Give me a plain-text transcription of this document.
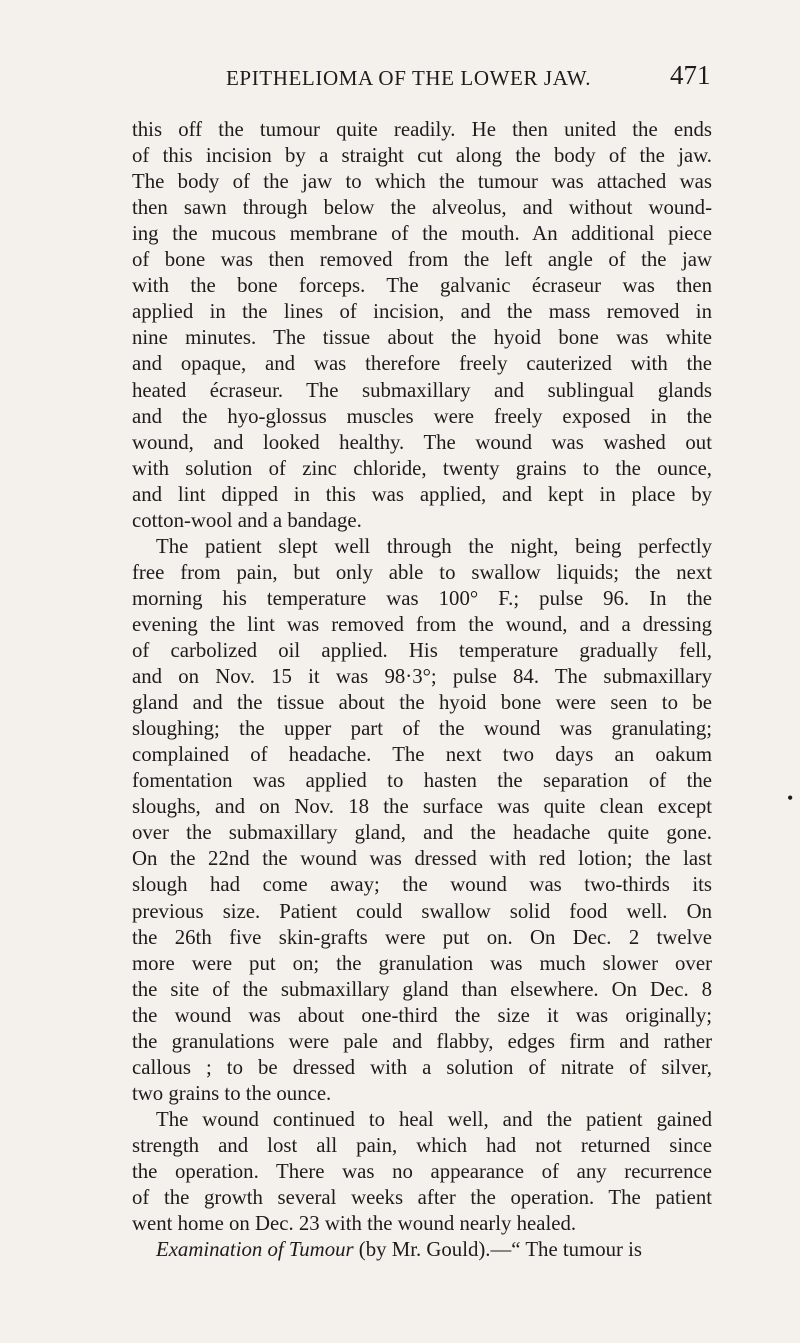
EPITHELIOMA OF THE LOWER JAW.	471
this off the tumour quite readily. He then united the ends
of this incision by a straight cut along the body of the jaw.
The body of the jaw to which the tumour was attached was
then sawn through below the alveolus, and without wound-
ing the mucous membrane of the mouth. An additional piece
of bone was then removed from the left angle of the jaw
with the bone forceps. The galvanic écraseur was then
applied in the lines of incision, and the mass removed in
nine minutes. The tissue about the hyoid bone was white
and opaque, and was therefore freely cauterized with the
heated écraseur. The submaxillary and sublingual glands
and the hyo-glossus muscles were freely exposed in the
wound, and looked healthy. The wound was washed out
with solution of zinc chloride, twenty grains to the ounce,
and lint dipped in this was applied, and kept in place by
cotton-wool and a bandage.
The patient slept well through the night, being perfectly
free from pain, but only able to swallow liquids; the next
morning his temperature was 100° F.; pulse 96. In the
evening the lint was removed from the wound, and a dressing
of carbolized oil applied. His temperature gradually fell,
and on Nov. 15 it was 98·3°; pulse 84. The submaxillary
gland and the tissue about the hyoid bone were seen to be
sloughing; the upper part of the wound was granulating;
complained of headache. The next two days an oakum
fomentation was applied to hasten the separation of the
sloughs, and on Nov. 18 the surface was quite clean except
over the submaxillary gland, and the headache quite gone.
On the 22nd the wound was dressed with red lotion; the last
slough had come away; the wound was two-thirds its
previous size. Patient could swallow solid food well. On
the 26th five skin-grafts were put on. On Dec. 2 twelve
more were put on; the granulation was much slower over
the site of the submaxillary gland than elsewhere. On Dec. 8
the wound was about one-third the size it was originally;
the granulations were pale and flabby, edges firm and rather
callous ; to be dressed with a solution of nitrate of silver,
two grains to the ounce.
The wound continued to heal well, and the patient gained
strength and lost all pain, which had not returned since
the operation. There was no appearance of any recurrence
of the growth several weeks after the operation. The patient
went home on Dec. 23 with the wound nearly healed.
Examination of Tumour (by Mr. Gould).—“ The tumour is
•
